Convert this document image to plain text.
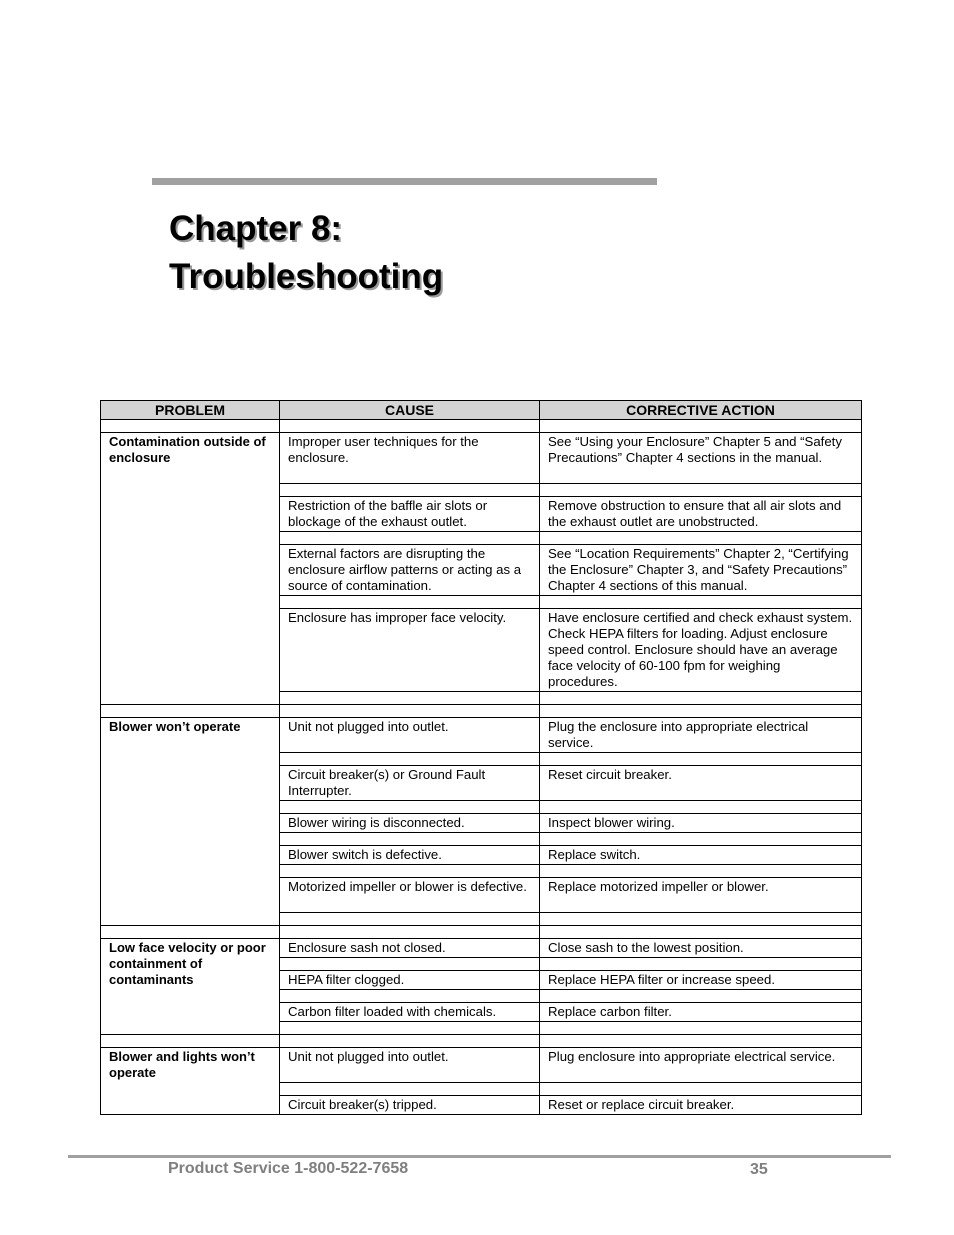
Chapter 8:
Troubleshooting
PROBLEM	CAUSE	CORRECTIVE ACTION

Contamination outside of enclosure	Improper user techniques for the enclosure.	See “Using your Enclosure” Chapter 5 and “Safety Precautions” Chapter 4 sections in the manual.

	Restriction of the baffle air slots or blockage of the exhaust outlet.	Remove obstruction to ensure that all air slots and the exhaust outlet are unobstructed.

	External factors are disrupting the enclosure airflow patterns or acting as a source of contamination.	See “Location Requirements” Chapter 2, “Certifying the Enclosure” Chapter 3, and “Safety Precautions” Chapter 4 sections of this manual.

	Enclosure has improper face velocity.	Have enclosure certified and check exhaust system. Check HEPA filters for loading. Adjust enclosure speed control. Enclosure should have an average face velocity of 60-100 fpm for weighing procedures.

Blower won’t operate	Unit not plugged into outlet.	Plug the enclosure into appropriate electrical service.

	Circuit breaker(s) or Ground Fault Interrupter.	Reset circuit breaker.

	Blower wiring is disconnected.	Inspect blower wiring.

	Blower switch is defective.	Replace switch.

	Motorized impeller or blower is defective.	Replace motorized impeller or blower.

Low face velocity or poor containment of contaminants	Enclosure sash not closed.	Close sash to the lowest position.

	HEPA filter clogged.	Replace HEPA filter or increase speed.

	Carbon filter loaded with chemicals.	Replace carbon filter.

Blower and lights won’t operate	Unit not plugged into outlet.	Plug enclosure into appropriate electrical service.

	Circuit breaker(s) tripped.	Reset or replace circuit breaker.
Product Service 1-800-522-7658	35
